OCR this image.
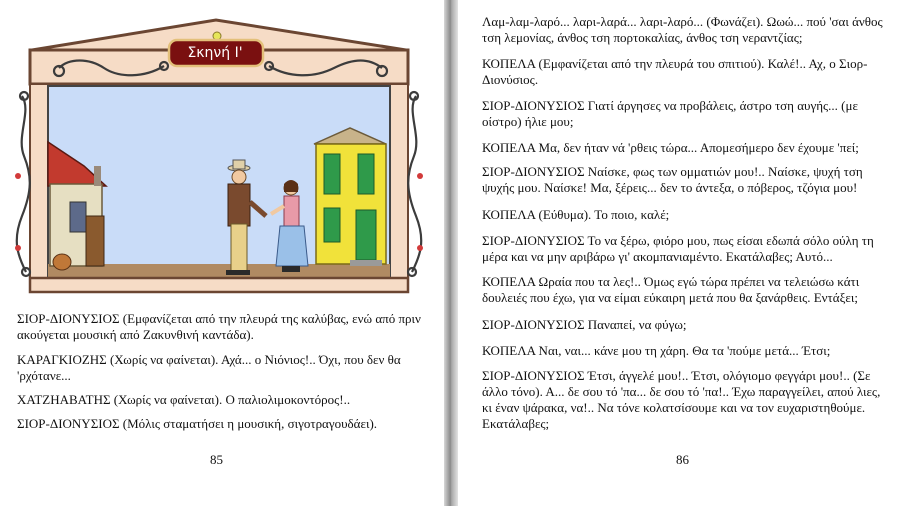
Σκηνή Ι'
ΣΙΟΡ-ΔΙΟΝΥΣΙΟΣ (Εμφανίζεται από την πλευρά της καλύβας, ενώ από πριν ακούγεται μουσική από Ζακυνθινή καντάδα).
ΚΑΡΑΓΚΙΟΖΗΣ (Χωρίς να φαίνεται). Αχά... ο Νιόνιος!.. Όχι, που δεν θα 'ρχότανε...
ΧΑΤΖΗΑΒΑΤΗΣ (Χωρίς να φαίνεται). Ο παλιολιμοκοντόρος!..
ΣΙΟΡ-ΔΙΟΝΥΣΙΟΣ (Μόλις σταματήσει η μουσική, σιγοτραγουδάει).
85
Λαμ-λαμ-λαρό... λαρι-λαρά... λαρι-λαρό... (Φωνάζει). Ωωώ... πού 'σαι άνθος τση λεμονίας, άνθος τση πορτοκαλίας, άνθος τση νεραντζίας;
ΚΟΠΕΛΑ (Εμφανίζεται από την πλευρά του σπιτιού). Καλέ!.. Αχ, ο Σιορ-Διονύσιος.
ΣΙΟΡ-ΔΙΟΝΥΣΙΟΣ Γιατί άργησες να προβάλεις, άστρο τση αυγής... (με οίστρο) ήλιε μου;
ΚΟΠΕΛΑ Μα, δεν ήταν νά 'ρθεις τώρα... Απομεσήμερο δεν έχουμε 'πεί;
ΣΙΟΡ-ΔΙΟΝΥΣΙΟΣ Ναίσκε, φως των ομματιών μου!.. Ναίσκε, ψυχή τση ψυχής μου. Ναίσκε! Μα, ξέρεις... δεν το άντεξα, ο πόβερος, τζόγια μου!
ΚΟΠΕΛΑ (Εύθυμα). Το ποιο, καλέ;
ΣΙΟΡ-ΔΙΟΝΥΣΙΟΣ Το να ξέρω, φιόρο μου, πως είσαι εδωπά σόλο ούλη τη μέρα και να μην αριβάρω γι' ακομπανιαμέντο. Εκατάλαβες; Αυτό...
ΚΟΠΕΛΑ Ωραία που τα λες!.. Όμως εγώ τώρα πρέπει να τελειώσω κάτι δουλειές που έχω, για να είμαι εύκαιρη μετά που θα ξανάρθεις. Εντάξει;
ΣΙΟΡ-ΔΙΟΝΥΣΙΟΣ Παναπεί, να φύγω;
ΚΟΠΕΛΑ Ναι, ναι... κάνε μου τη χάρη. Θα τα 'πούμε μετά... Έτσι;
ΣΙΟΡ-ΔΙΟΝΥΣΙΟΣ Έτσι, άγγελέ μου!.. Έτσι, ολόγιομο φεγγάρι μου!.. (Σε άλλο τόνο). Α... δε σου τό 'πα... δε σου τό 'πα!.. Έχω παραγγείλει, απού λιες, κι έναν ψάρακα, να!.. Να τόνε κολατσίσουμε και να τον ευχαριστηθούμε. Εκατάλαβες;
86
